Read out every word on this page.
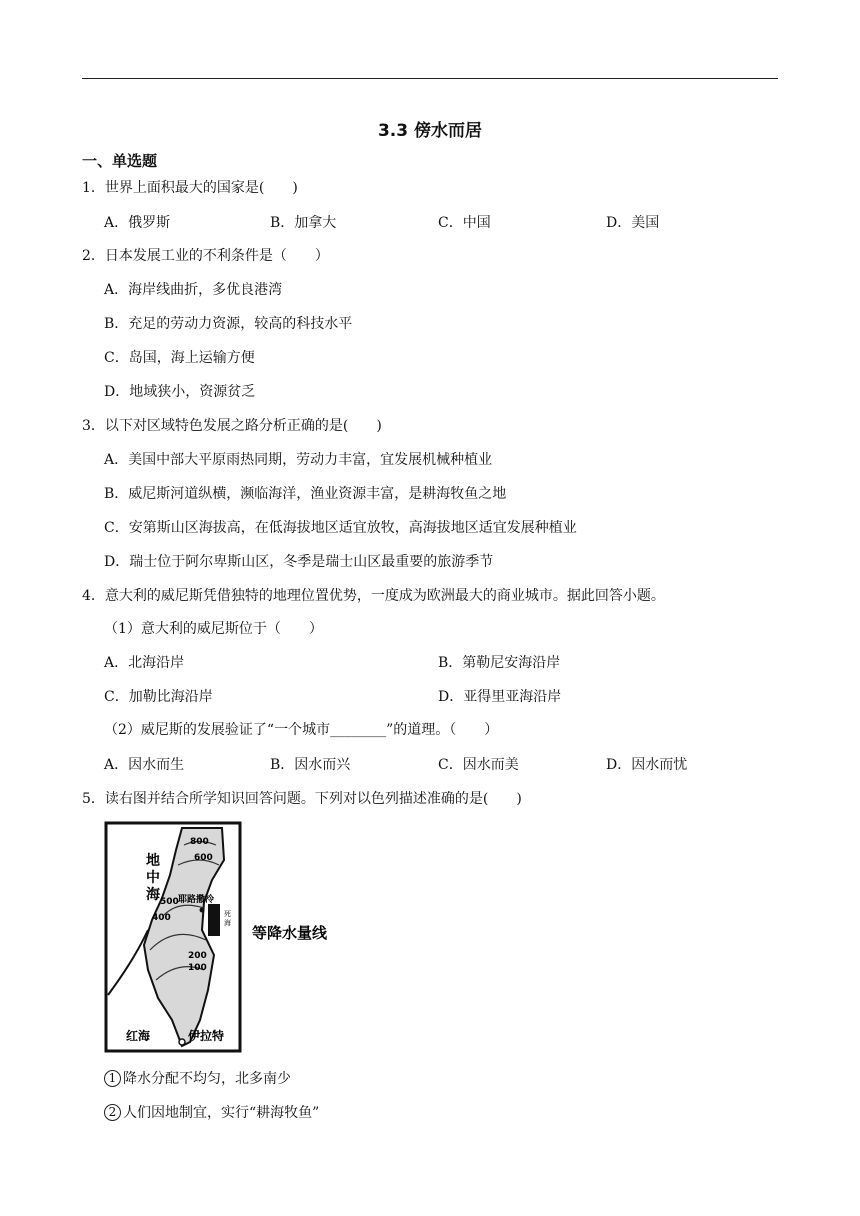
3.3 傍水而居
一、单选题
1．世界上面积最大的国家是(　　)
A．俄罗斯	B．加拿大	C．中国	D．美国
2．日本发展工业的不利条件是（　　）
A．海岸线曲折，多优良港湾
B．充足的劳动力资源，较高的科技水平
C．岛国，海上运输方便
D．地域狭小，资源贫乏
3．以下对区域特色发展之路分析正确的是(　　)
A．美国中部大平原雨热同期，劳动力丰富，宜发展机械种植业
B．威尼斯河道纵横，濒临海洋，渔业资源丰富，是耕海牧鱼之地
C．安第斯山区海拔高，在低海拔地区适宜放牧，高海拔地区适宜发展种植业
D．瑞士位于阿尔卑斯山区，冬季是瑞士山区最重要的旅游季节
4．意大利的威尼斯凭借独特的地理位置优势，一度成为欧洲最大的商业城市。据此回答小题。
（1）意大利的威尼斯位于（　　）
A．北海沿岸	B．第勒尼安海沿岸
C．加勒比海沿岸	D．亚得里亚海沿岸
（2）威尼斯的发展验证了“一个城市________”的道理。（　　）
A．因水而生	B．因水而兴	C．因水而美	D．因水而忧
5．读右图并结合所学知识回答问题。下列对以色列描述准确的是(　　)
地
中
海
800
600
400
500
200
100
耶路撒冷
死
海
红海	伊拉特
等降水量线
1 降水分配不均匀，北多南少
2 人们因地制宜，实行“耕海牧鱼”
